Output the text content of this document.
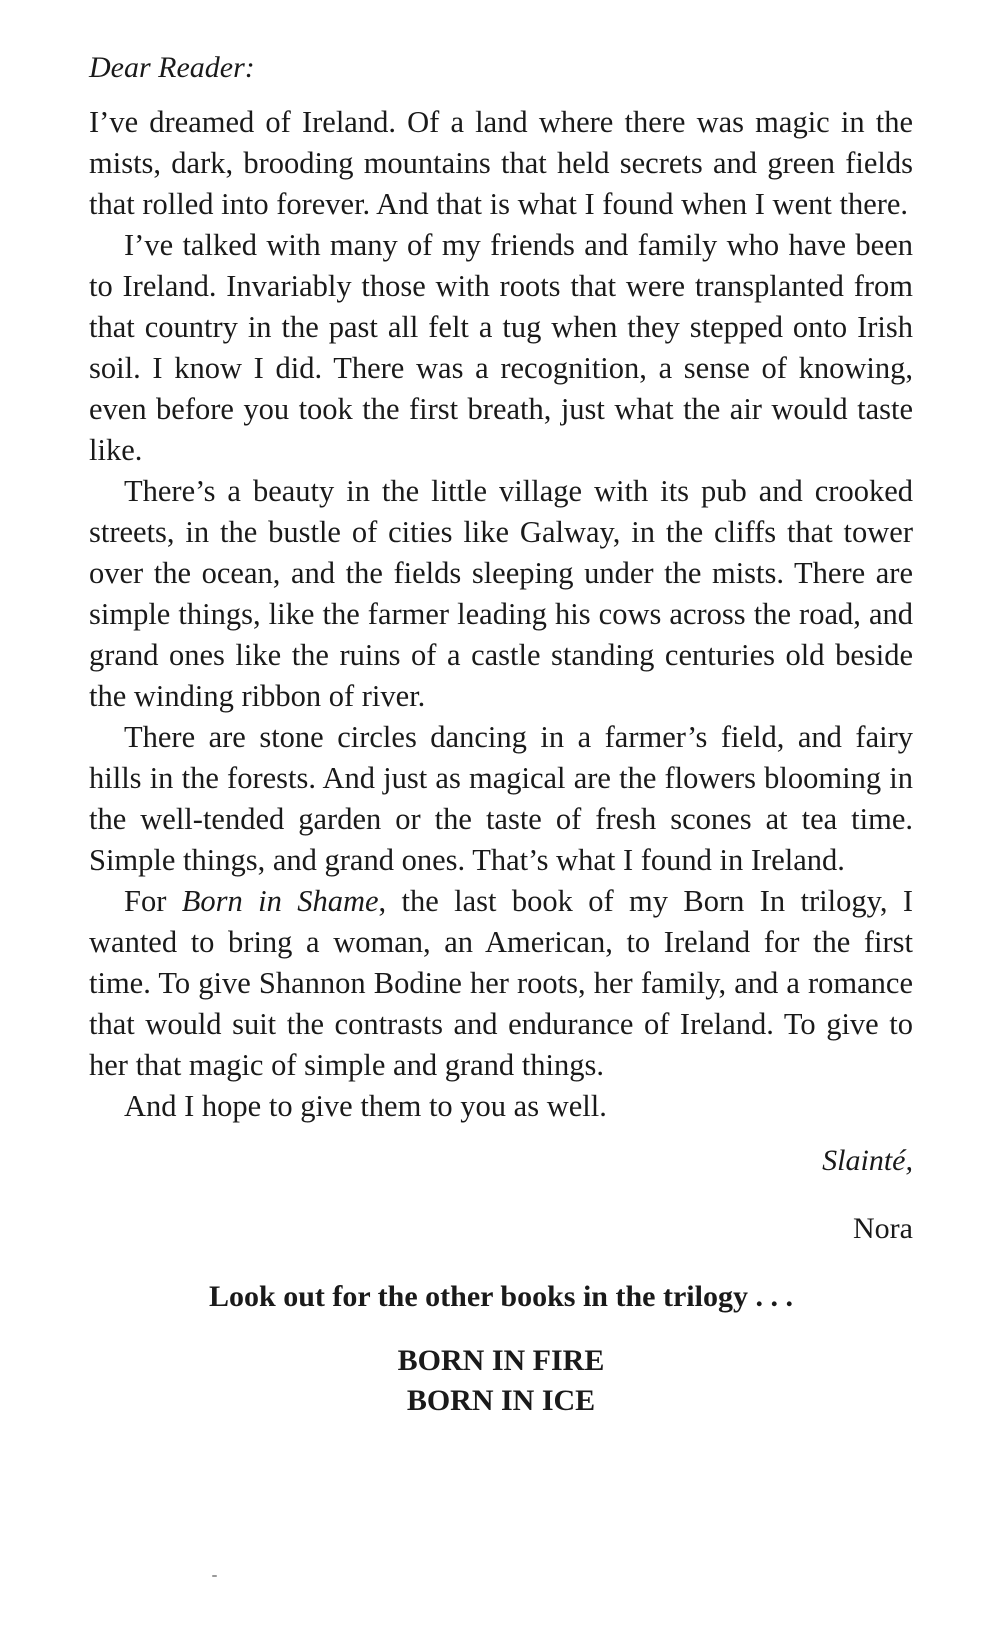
Dear Reader:

I’ve dreamed of Ireland. Of a land where there was magic in the mists, dark, brooding mountains that held secrets and green fields that rolled into forever. And that is what I found when I went there.

I’ve talked with many of my friends and family who have been to Ireland. Invariably those with roots that were transplanted from that country in the past all felt a tug when they stepped onto Irish soil. I know I did. There was a recognition, a sense of knowing, even before you took the first breath, just what the air would taste like.

There’s a beauty in the little village with its pub and crooked streets, in the bustle of cities like Galway, in the cliffs that tower over the ocean, and the fields sleeping under the mists. There are simple things, like the farmer leading his cows across the road, and grand ones like the ruins of a castle standing centuries old beside the winding ribbon of river.

There are stone circles dancing in a farmer’s field, and fairy hills in the forests. And just as magical are the flowers blooming in the well-tended garden or the taste of fresh scones at tea time. Simple things, and grand ones. That’s what I found in Ireland.

For Born in Shame, the last book of my Born In trilogy, I wanted to bring a woman, an American, to Ireland for the first time. To give Shannon Bodine her roots, her family, and a romance that would suit the contrasts and endurance of Ireland. To give to her that magic of simple and grand things.

And I hope to give them to you as well.

Slainté,

Nora

Look out for the other books in the trilogy . . .

BORN IN FIRE
BORN IN ICE
